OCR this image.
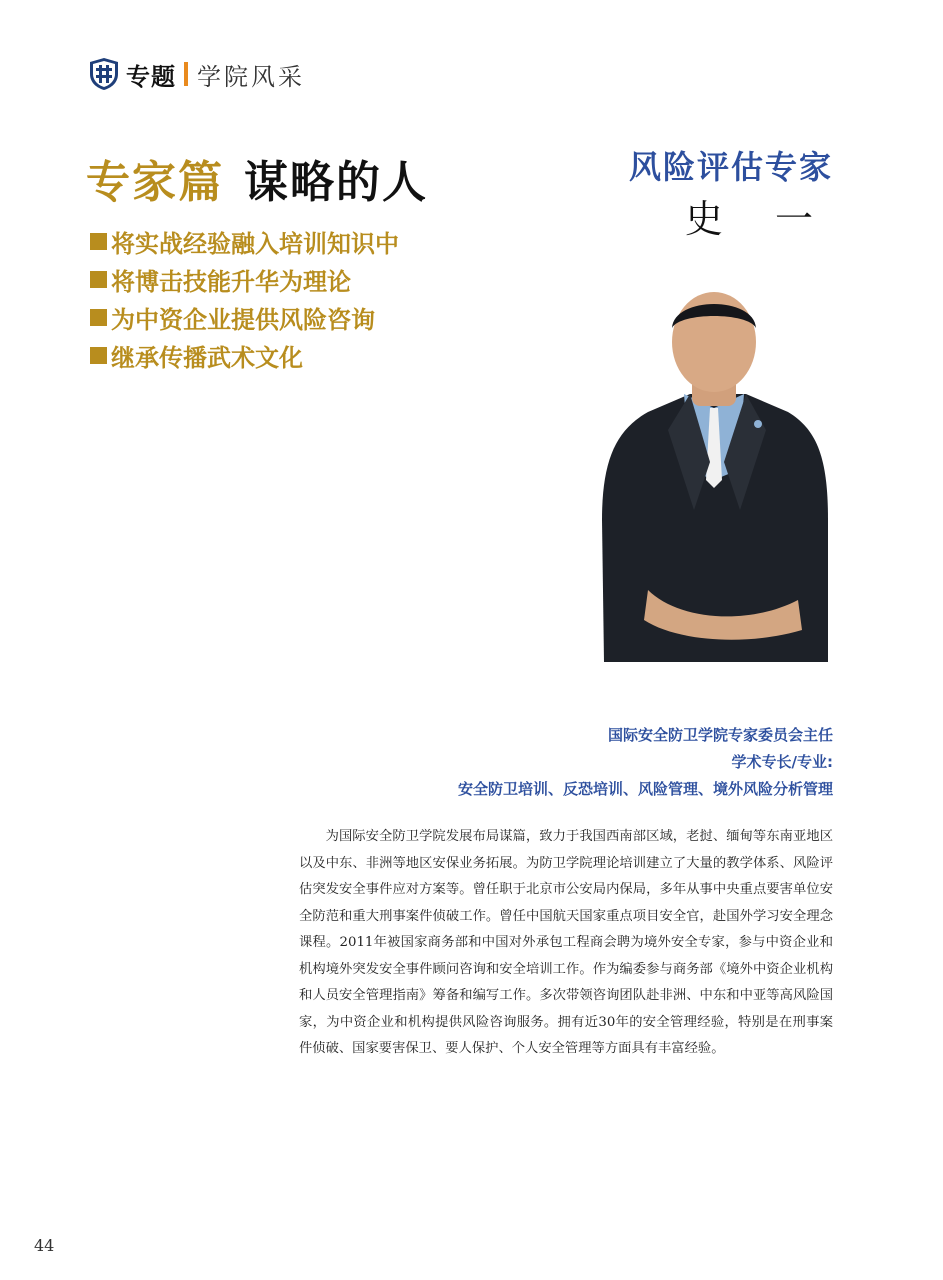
专题 学院风采
专家篇 谋略的人
将实战经验融入培训知识中
将博击技能升华为理论
为中资企业提供风险咨询
继承传播武术文化
风险评估专家
史 一
国际安全防卫学院专家委员会主任
学术专长/专业:
安全防卫培训、反恐培训、风险管理、境外风险分析管理

为国际安全防卫学院发展布局谋篇，致力于我国西南部区域，老挝、缅甸等东南亚地区以及中东、非洲等地区安保业务拓展。为防卫学院理论培训建立了大量的教学体系、风险评估突发安全事件应对方案等。曾任职于北京市公安局内保局，多年从事中央重点要害单位安全防范和重大刑事案件侦破工作。曾任中国航天国家重点项目安全官，赴国外学习安全理念课程。2011年被国家商务部和中国对外承包工程商会聘为境外安全专家，参与中资企业和机构境外突发安全事件顾问咨询和安全培训工作。作为编委参与商务部《境外中资企业机构和人员安全管理指南》筹备和编写工作。多次带领咨询团队赴非洲、中东和中亚等高风险国家，为中资企业和机构提供风险咨询服务。拥有近30年的安全管理经验，特别是在刑事案件侦破、国家要害保卫、要人保护、个人安全管理等方面具有丰富经验。

44
